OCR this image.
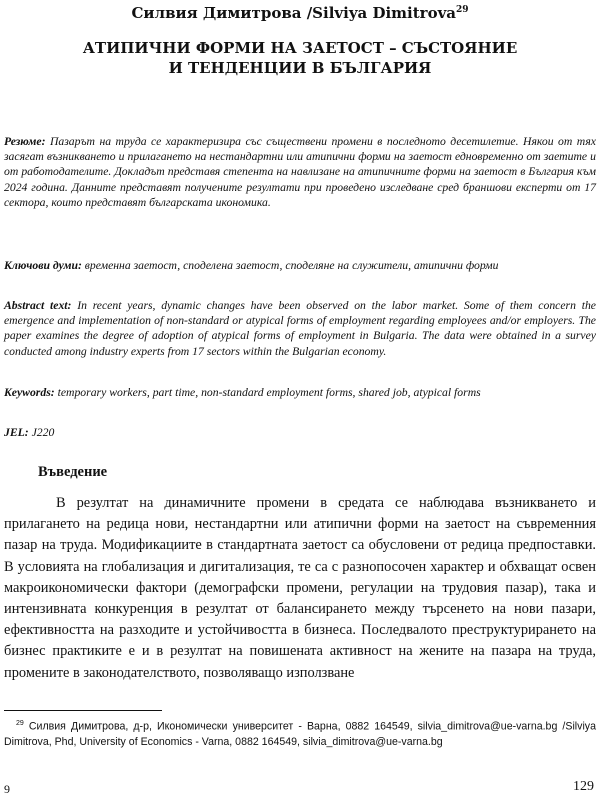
Силвия Димитрова /Silviya Dimitrova$^{29}$
АТИПИЧНИ ФОРМИ НА ЗАЕТОСТ – СЪСТОЯНИЕ
И ТЕНДЕНЦИИ В БЪЛГАРИЯ
Резюме: Пазарът на труда се характеризира със съществени промени в последното десетилетие. Някои от тях засягат възникването и прилагането на нестандартни или атипични форми на заетост едновременно от заетите и от работодателите. Докладът представя степента на навлизане на атипичните форми на заетост в България към 2024 година. Данните представят получените резултати при проведено изследване сред браншови експерти от 17 сектора, които представят българската икономика.
Ключови думи: временна заетост, споделена заетост, споделяне на служители, атипични форми
Abstract text: In recent years, dynamic changes have been observed on the labor market. Some of them concern the emergence and implementation of non-standard or atypical forms of employment regarding employees and/or employers. The paper examines the degree of adoption of atypical forms of employment in Bulgaria. The data were obtained in a survey conducted among industry experts from 17 sectors within the Bulgarian economy.
Keywords: temporary workers, part time, non-standard employment forms, shared job, atypical forms
JEL: J220
Въведение
В резултат на динамичните промени в средата се наблюдава възникването и прилагането на редица нови, нестандартни или атипични форми на заетост на съвременния пазар на труда. Модификациите в стандартната заетост са обусловени от редица предпоставки. В условията на глобализация и дигитализация, те са с разнопосочен характер и обхващат освен макроикономически фактори (демографски промени, регулации на трудовия пазар), така и интензивната конкуренция в резултат от балансирането между търсенето на нови пазари, ефективността на разходите и устойчивостта в бизнеса. Последвалото преструктурирането на бизнес практиките е и в резултат на повишената активност на жените на пазара на труда, промените в законодателството, позволяващо използване
$^{29}$ Силвия Димитрова, д-р, Икономически университет - Варна, 0882 164549, silvia_dimitrova@ue-varna.bg /Silviya Dimitrova, Phd, University of Economics - Varna, 0882 164549, silvia_dimitrova@ue-varna.bg
9	129
